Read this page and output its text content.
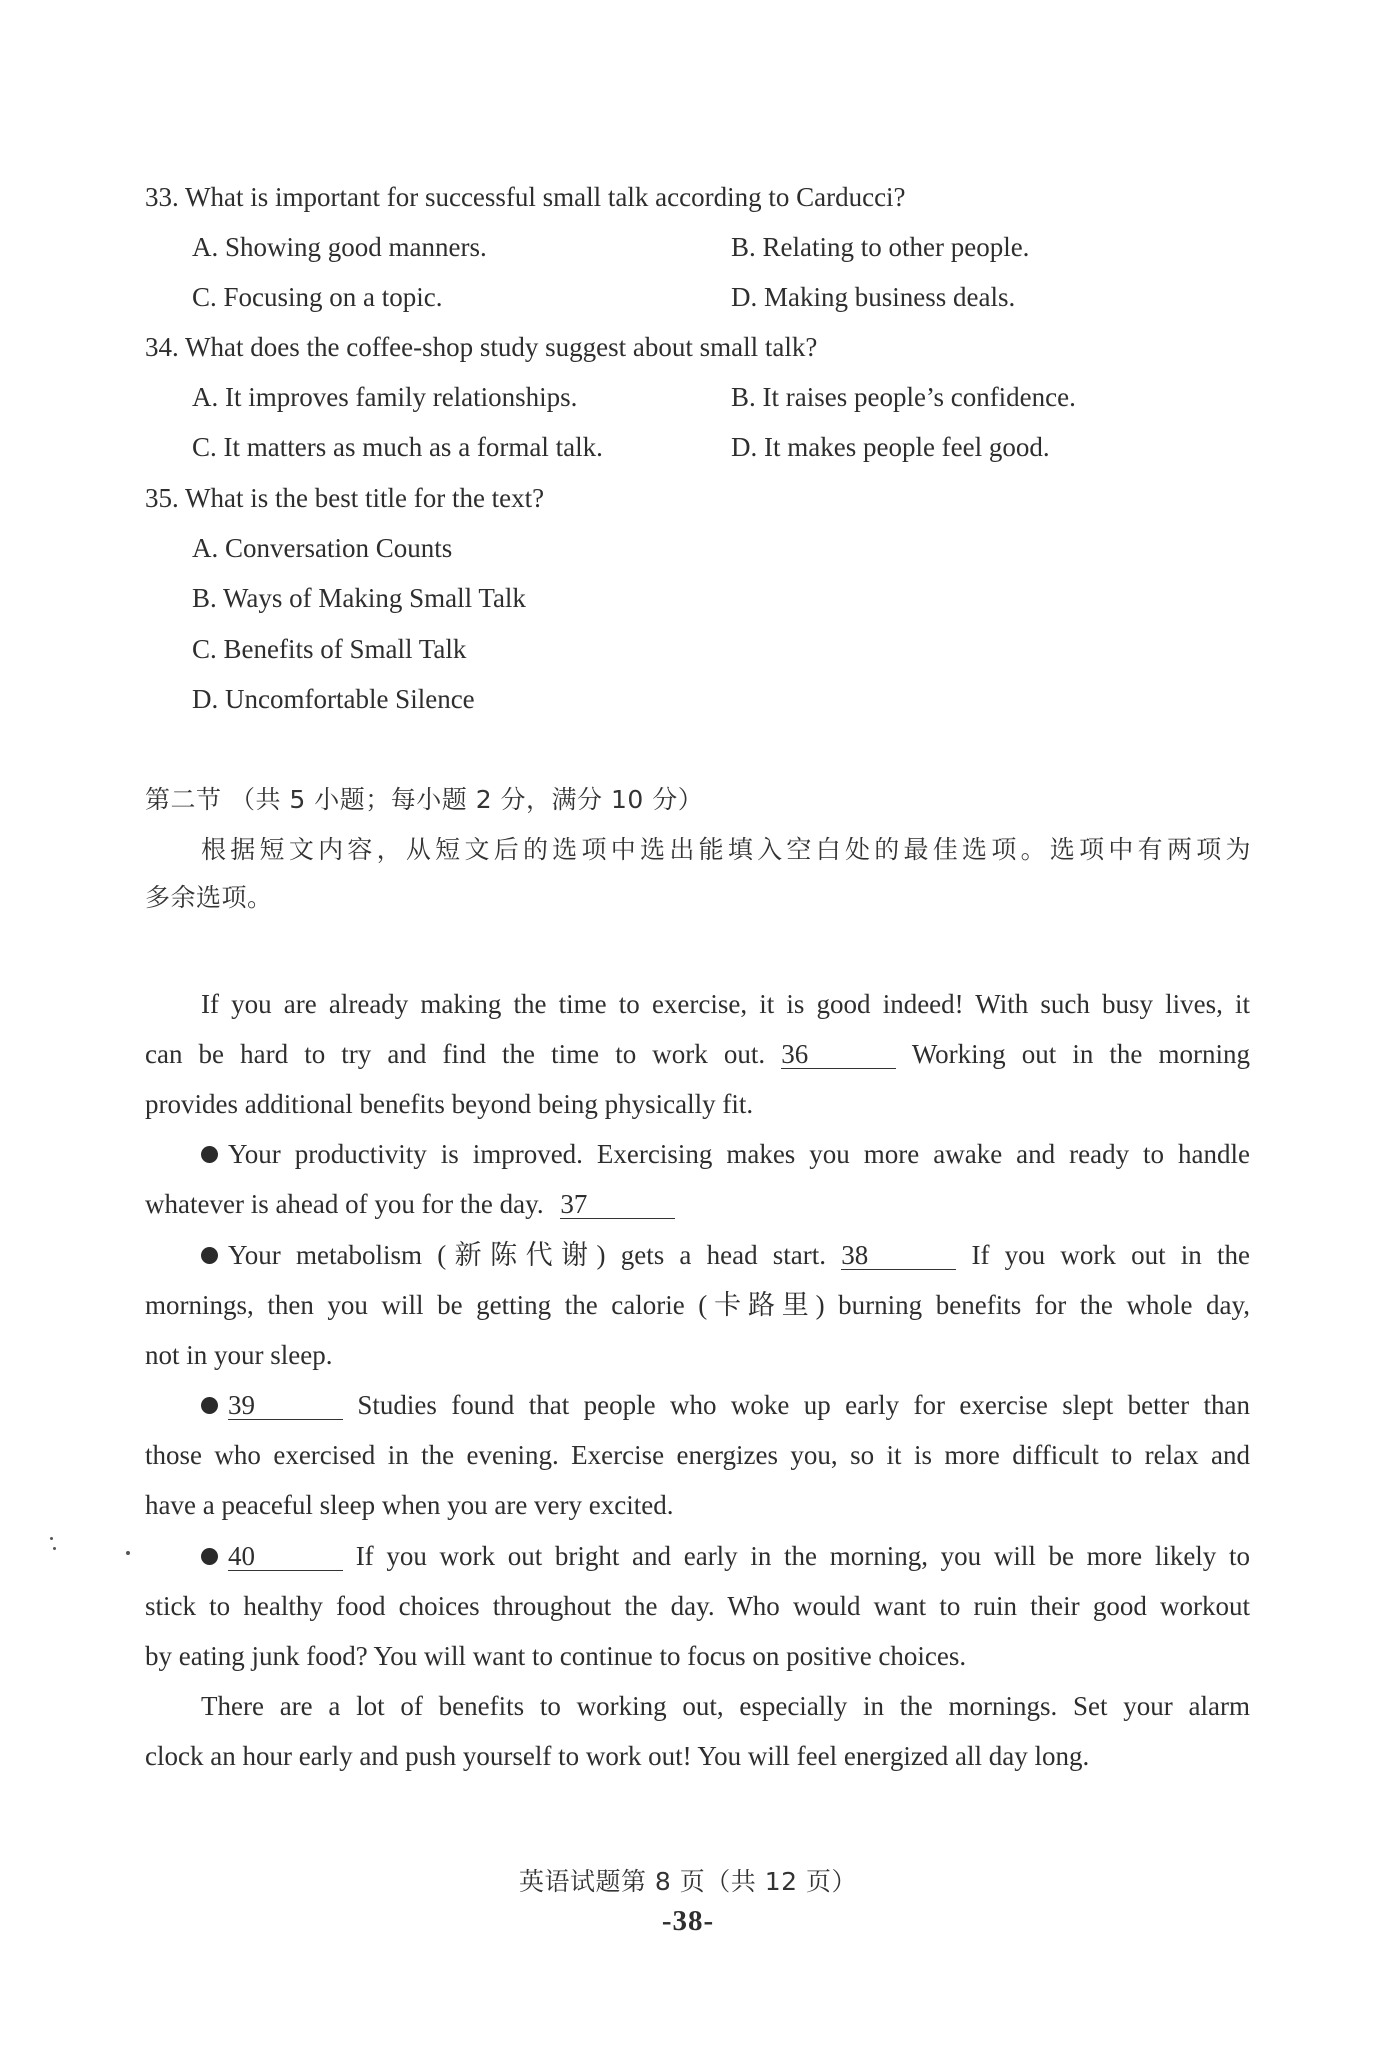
33. What is important for successful small talk according to Carducci?
A. Showing good manners.	B. Relating to other people.
C. Focusing on a topic.	D. Making business deals.
34. What does the coffee-shop study suggest about small talk?
A. It improves family relationships.	B. It raises people’s confidence.
C. It matters as much as a formal talk.	D. It makes people feel good.
35. What is the best title for the text?
A. Conversation Counts
B. Ways of Making Small Talk
C. Benefits of Small Talk
D. Uncomfortable Silence
第二节 （共 5 小题；每小题 2 分，满分 10 分）
根据短文内容，从短文后的选项中选出能填入空白处的最佳选项。选项中有两项为
多余选项。
If you are already making the time to exercise, it is good indeed! With such busy lives, it
can be hard to try and find the time to work out. 36	Working out in the morning
provides additional benefits beyond being physically fit.
Your productivity is improved. Exercising makes you more awake and ready to handle
whatever is ahead of you for the day. 37
Your metabolism (新陈代谢) gets a head start. 38	If you work out in the
mornings, then you will be getting the calorie (卡路里) burning benefits for the whole day,
not in your sleep.
39	Studies found that people who woke up early for exercise slept better than
those who exercised in the evening. Exercise energizes you, so it is more difficult to relax and
have a peaceful sleep when you are very excited.
40	If you work out bright and early in the morning, you will be more likely to
stick to healthy food choices throughout the day. Who would want to ruin their good workout
by eating junk food? You will want to continue to focus on positive choices.
There are a lot of benefits to working out, especially in the mornings. Set your alarm
clock an hour early and push yourself to work out! You will feel energized all day long.
英语试题第 8 页（共 12 页）
-38-
